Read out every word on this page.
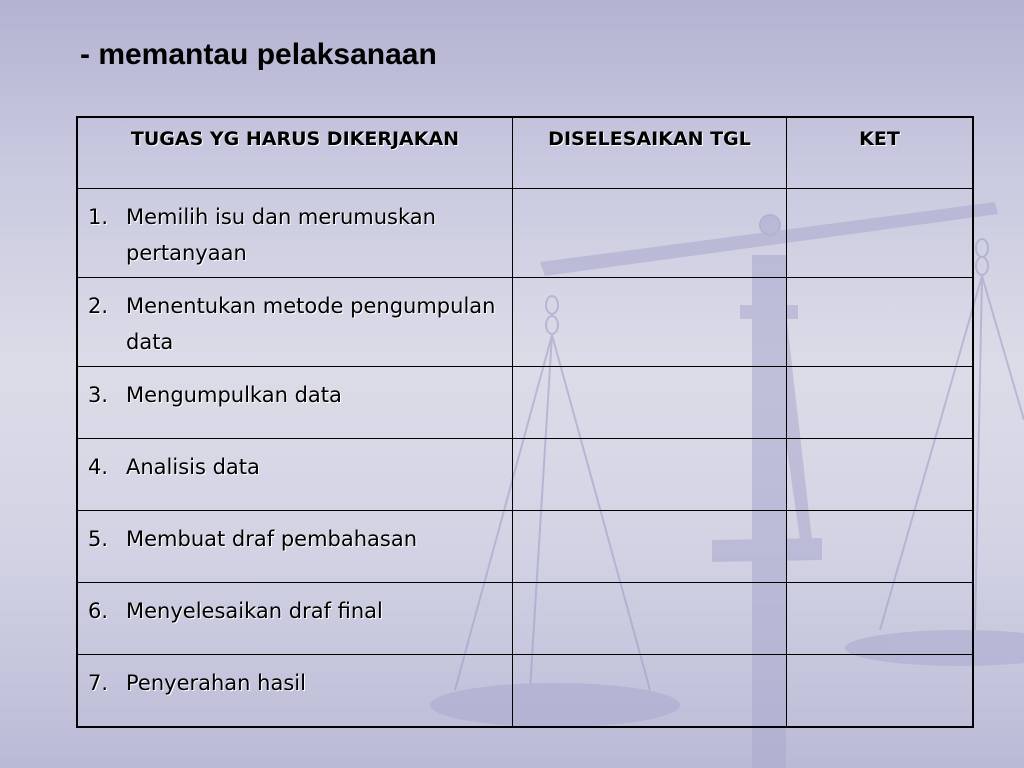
- memantau pelaksanaan
TUGAS YG HARUS DIKERJAKAN	DISELESAIKAN TGL	KET

1. Memilih isu dan merumuskan pertanyaan		

2. Menentukan metode pengumpulan data		

3. Mengumpulkan data		

4. Analisis data		

5. Membuat draf pembahasan		

6. Menyelesaikan draf final		

7. Penyerahan hasil		
